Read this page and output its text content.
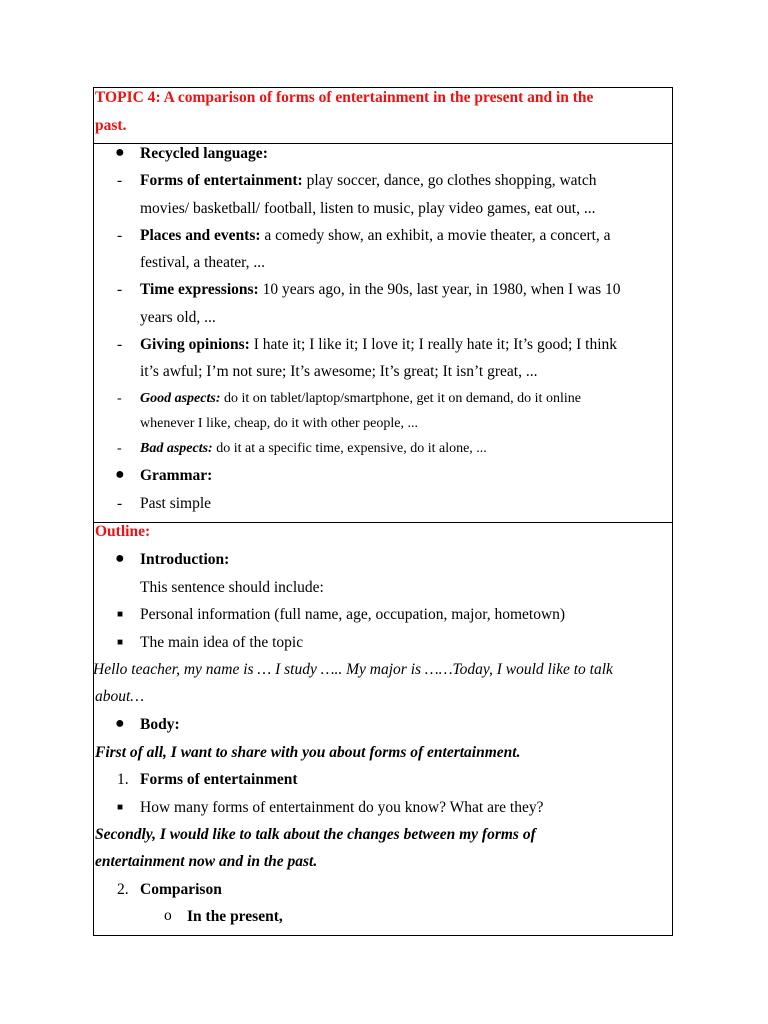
TOPIC 4: A comparison of forms of entertainment in the present and in the
past.
● Recycled language:
- Forms of entertainment: play soccer, dance, go clothes shopping, watch
movies/ basketball/ football, listen to music, play video games, eat out, ...
- Places and events: a comedy show, an exhibit, a movie theater, a concert, a
festival, a theater, ...
- Time expressions: 10 years ago, in the 90s, last year, in 1980, when I was 10
years old, ...
- Giving opinions: I hate it; I like it; I love it; I really hate it; It’s good; I think
it’s awful; I’m not sure; It’s awesome; It’s great; It isn’t great, ...
- Good aspects: do it on tablet/laptop/smartphone, get it on demand, do it online
whenever I like, cheap, do it with other people, ...
- Bad aspects: do it at a specific time, expensive, do it alone, ...
● Grammar:
- Past simple
Outline:
● Introduction:
This sentence should include:
■ Personal information (full name, age, occupation, major, hometown)
■ The main idea of the topic
Hello teacher, my name is … I study ….. My major is ……Today, I would like to talk
about…
● Body:
First of all, I want to share with you about forms of entertainment.
1. Forms of entertainment
■ How many forms of entertainment do you know? What are they?
Secondly, I would like to talk about the changes between my forms of
entertainment now and in the past.
2. Comparison
o In the present,
